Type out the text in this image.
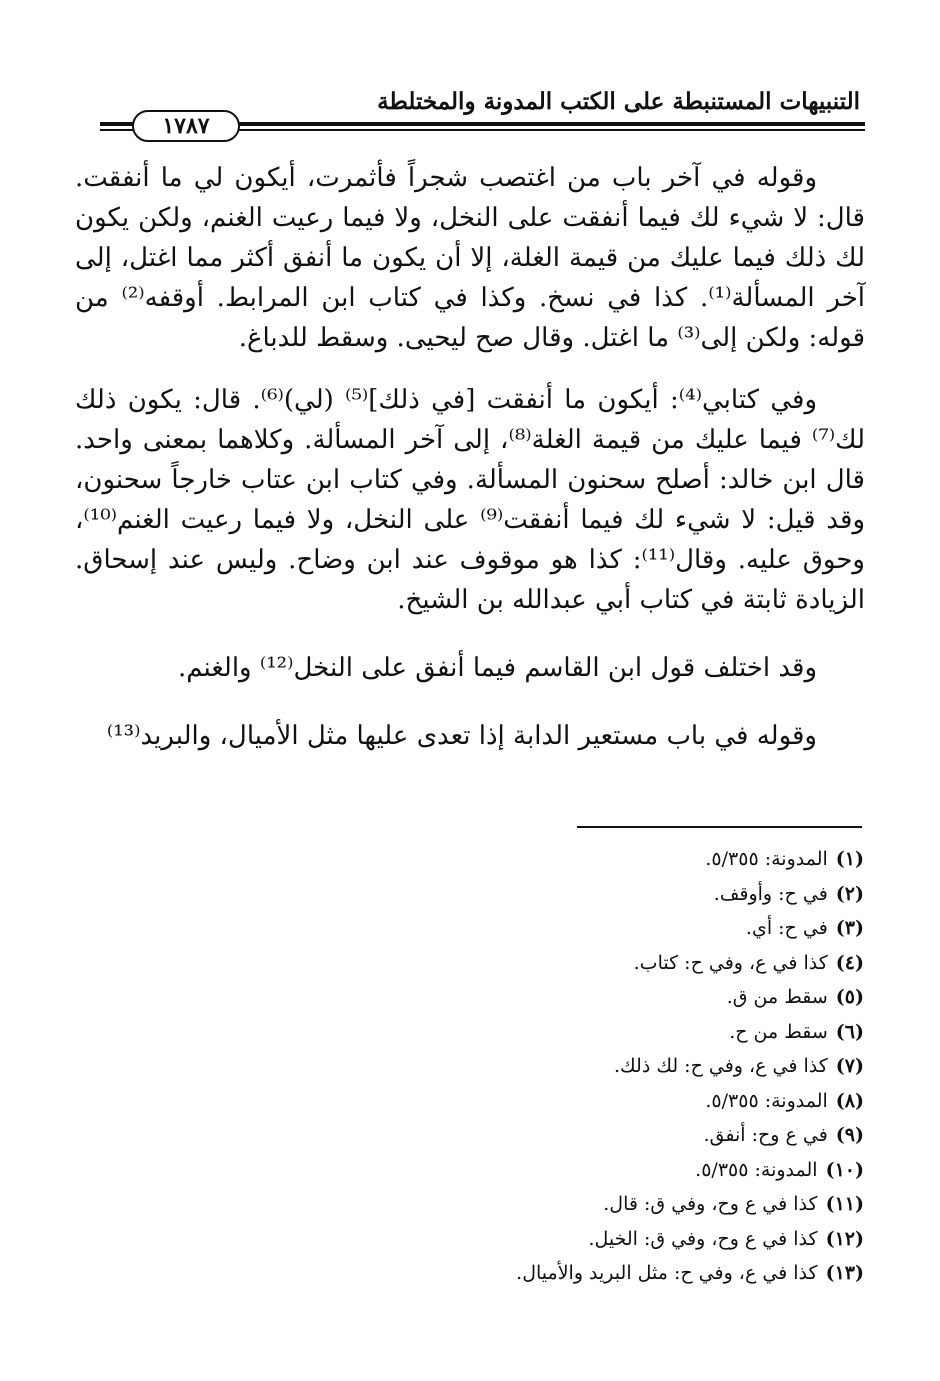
التنبيهات المستنبطة على الكتب المدونة والمختلطة
١٧٨٧

وقوله في آخر باب من اغتصب شجراً فأثمرت، أيكون لي ما أنفقت. قال: لا شيء لك فيما أنفقت على النخل، ولا فيما رعيت الغنم، ولكن يكون لك ذلك فيما عليك من قيمة الغلة، إلا أن يكون ما أنفق أكثر مما اغتل، إلى آخر المسألة⁽¹⁾. كذا في نسخ. وكذا في كتاب ابن المرابط. أوقفه⁽²⁾ من قوله: ولكن إلى⁽³⁾ ما اغتل. وقال صح ليحيى. وسقط للدباغ.

وفي كتابي⁽⁴⁾: أيكون ما أنفقت [في ذلك]⁽⁵⁾ (لي)⁽⁶⁾. قال: يكون ذلك لك⁽⁷⁾ فيما عليك من قيمة الغلة⁽⁸⁾، إلى آخر المسألة. وكلاهما بمعنى واحد. قال ابن خالد: أصلح سحنون المسألة. وفي كتاب ابن عتاب خارجاً سحنون، وقد قيل: لا شيء لك فيما أنفقت⁽⁹⁾ على النخل، ولا فيما رعيت الغنم⁽¹⁰⁾، وحوق عليه. وقال⁽¹¹⁾: كذا هو موقوف عند ابن وضاح. وليس عند إسحاق. الزيادة ثابتة في كتاب أبي عبدالله بن الشيخ.

وقد اختلف قول ابن القاسم فيما أنفق على النخل⁽¹²⁾ والغنم.

وقوله في باب مستعير الدابة إذا تعدى عليها مثل الأميال، والبريد⁽¹³⁾

(١)المدونة: ٥/٣٥٥.
(٢)في ح: وأوقف.
(٣)في ح: أي.
(٤)كذا في ع، وفي ح: كتاب.
(٥)سقط من ق.
(٦)سقط من ح.
(٧)كذا في ع، وفي ح: لك ذلك.
(٨)المدونة: ٥/٣٥٥.
(٩)في ع وح: أنفق.
(١٠)المدونة: ٥/٣٥٥.
(١١)كذا في ع وح، وفي ق: قال.
(١٢)كذا في ع وح، وفي ق: الخيل.
(١٣)كذا في ع، وفي ح: مثل البريد والأميال.
